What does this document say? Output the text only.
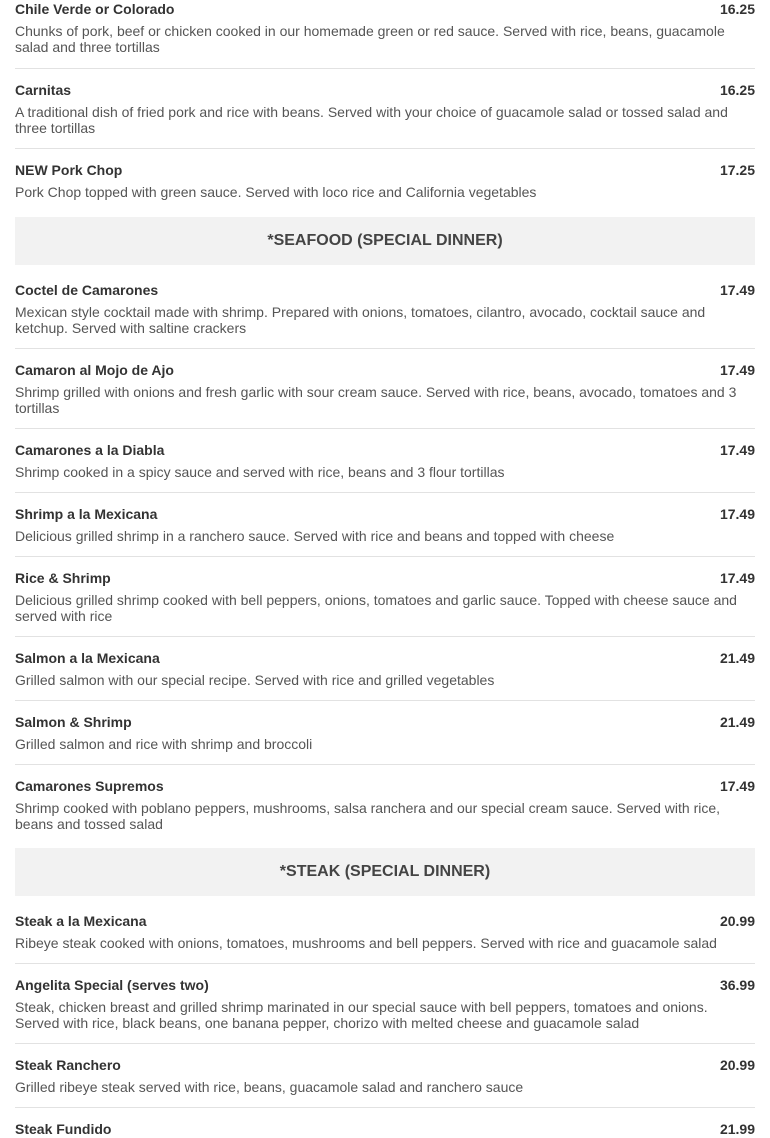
Chile Verde or Colorado	16.25
Chunks of pork, beef or chicken cooked in our homemade green or red sauce. Served with rice, beans, guacamole salad and three tortillas
Carnitas	16.25
A traditional dish of fried pork and rice with beans. Served with your choice of guacamole salad or tossed salad and three tortillas
NEW Pork Chop	17.25
Pork Chop topped with green sauce. Served with loco rice and California vegetables
*SEAFOOD (SPECIAL DINNER)
Coctel de Camarones	17.49
Mexican style cocktail made with shrimp. Prepared with onions, tomatoes, cilantro, avocado, cocktail sauce and ketchup. Served with saltine crackers
Camaron al Mojo de Ajo	17.49
Shrimp grilled with onions and fresh garlic with sour cream sauce. Served with rice, beans, avocado, tomatoes and 3 tortillas
Camarones a la Diabla	17.49
Shrimp cooked in a spicy sauce and served with rice, beans and 3 flour tortillas
Shrimp a la Mexicana	17.49
Delicious grilled shrimp in a ranchero sauce. Served with rice and beans and topped with cheese
Rice & Shrimp	17.49
Delicious grilled shrimp cooked with bell peppers, onions, tomatoes and garlic sauce. Topped with cheese sauce and served with rice
Salmon a la Mexicana	21.49
Grilled salmon with our special recipe. Served with rice and grilled vegetables
Salmon & Shrimp	21.49
Grilled salmon and rice with shrimp and broccoli
Camarones Supremos	17.49
Shrimp cooked with poblano peppers, mushrooms, salsa ranchera and our special cream sauce. Served with rice, beans and tossed salad
*STEAK (SPECIAL DINNER)
Steak a la Mexicana	20.99
Ribeye steak cooked with onions, tomatoes, mushrooms and bell peppers. Served with rice and guacamole salad
Angelita Special (serves two)	36.99
Steak, chicken breast and grilled shrimp marinated in our special sauce with bell peppers, tomatoes and onions. Served with rice, black beans, one banana pepper, chorizo with melted cheese and guacamole salad
Steak Ranchero	20.99
Grilled ribeye steak served with rice, beans, guacamole salad and ranchero sauce
Steak Fundido	21.99
